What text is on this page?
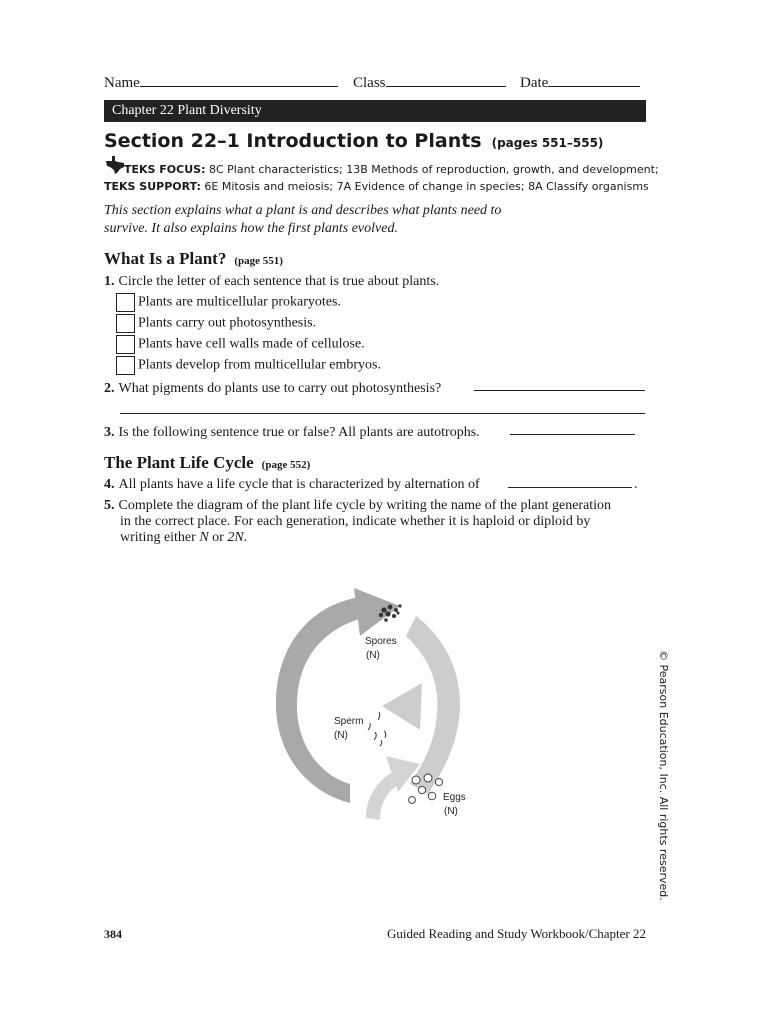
Name	Class	Date
Chapter 22 Plant Diversity
Section 22–1 Introduction to Plants (pages 551–555)
TEKS FOCUS: 8C Plant characteristics; 13B Methods of reproduction, growth, and development;
TEKS SUPPORT: 6E Mitosis and meiosis; 7A Evidence of change in species; 8A Classify organisms
This section explains what a plant is and describes what plants need to
survive. It also explains how the first plants evolved.
What Is a Plant? (page 551)
1. Circle the letter of each sentence that is true about plants.
Plants are multicellular prokaryotes.
Plants carry out photosynthesis.
Plants have cell walls made of cellulose.
Plants develop from multicellular embryos.
2. What pigments do plants use to carry out photosynthesis?
3. Is the following sentence true or false? All plants are autotrophs.
The Plant Life Cycle (page 552)
4. All plants have a life cycle that is characterized by alternation of	.
5. Complete the diagram of the plant life cycle by writing the name of the plant generation
in the correct place. For each generation, indicate whether it is haploid or diploid by
writing either N or 2N.
Spores
(N)
Sperm
(N)
Eggs
(N)	© Pearson Education, Inc. All rights reserved.
384	Guided Reading and Study Workbook/Chapter 22
